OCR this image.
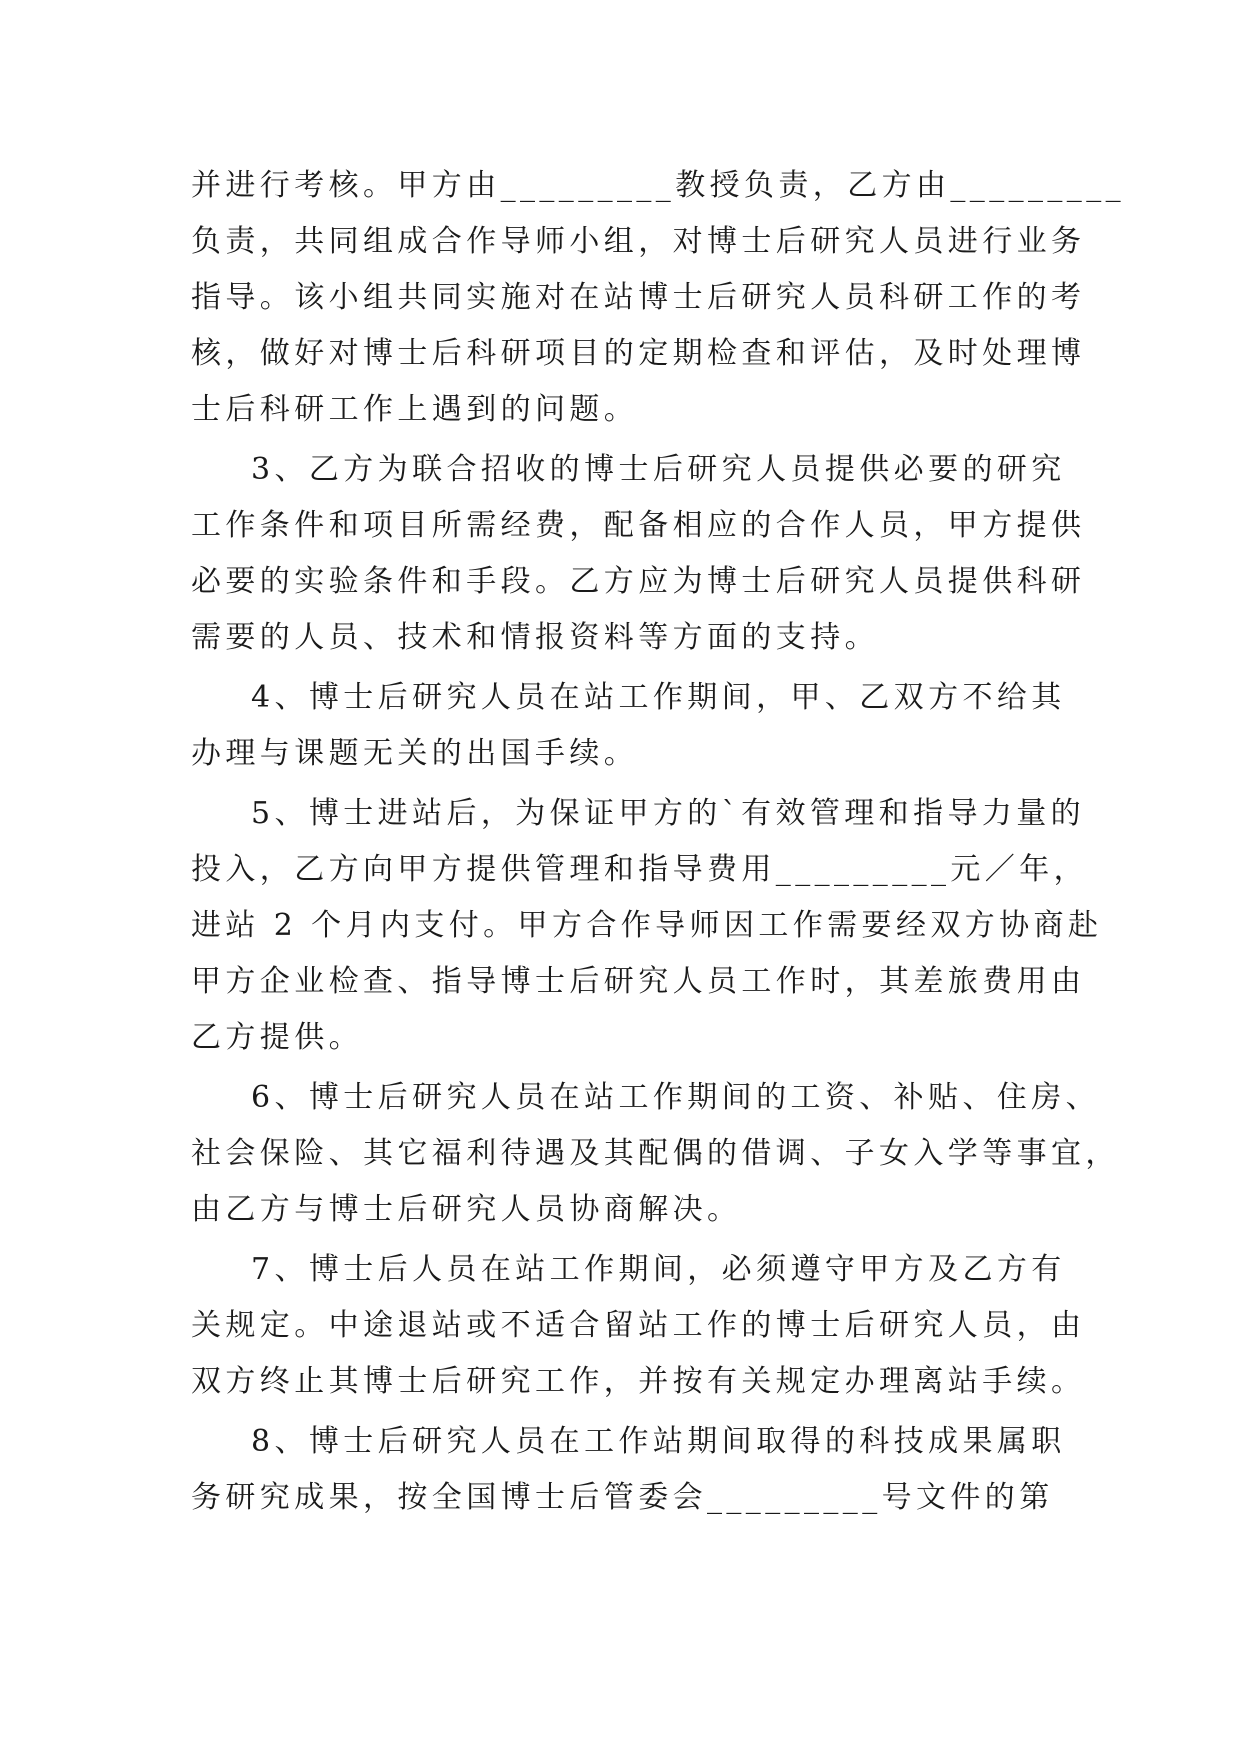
并进行考核。甲方由_________教授负责，乙方由_________
负责，共同组成合作导师小组，对博士后研究人员进行业务
指导。该小组共同实施对在站博士后研究人员科研工作的考
核，做好对博士后科研项目的定期检查和评估，及时处理博
士后科研工作上遇到的问题。
3、乙方为联合招收的博士后研究人员提供必要的研究
工作条件和项目所需经费，配备相应的合作人员，甲方提供
必要的实验条件和手段。乙方应为博士后研究人员提供科研
需要的人员、技术和情报资料等方面的支持。
4、博士后研究人员在站工作期间，甲、乙双方不给其
办理与课题无关的出国手续。
5、博士进站后，为保证甲方的`有效管理和指导力量的
投入，乙方向甲方提供管理和指导费用_________元／年，
进站 2 个月内支付。甲方合作导师因工作需要经双方协商赴
甲方企业检查、指导博士后研究人员工作时，其差旅费用由
乙方提供。
6、博士后研究人员在站工作期间的工资、补贴、住房、
社会保险、其它福利待遇及其配偶的借调、子女入学等事宜，
由乙方与博士后研究人员协商解决。
7、博士后人员在站工作期间，必须遵守甲方及乙方有
关规定。中途退站或不适合留站工作的博士后研究人员，由
双方终止其博士后研究工作，并按有关规定办理离站手续。
8、博士后研究人员在工作站期间取得的科技成果属职
务研究成果，按全国博士后管委会_________号文件的第
